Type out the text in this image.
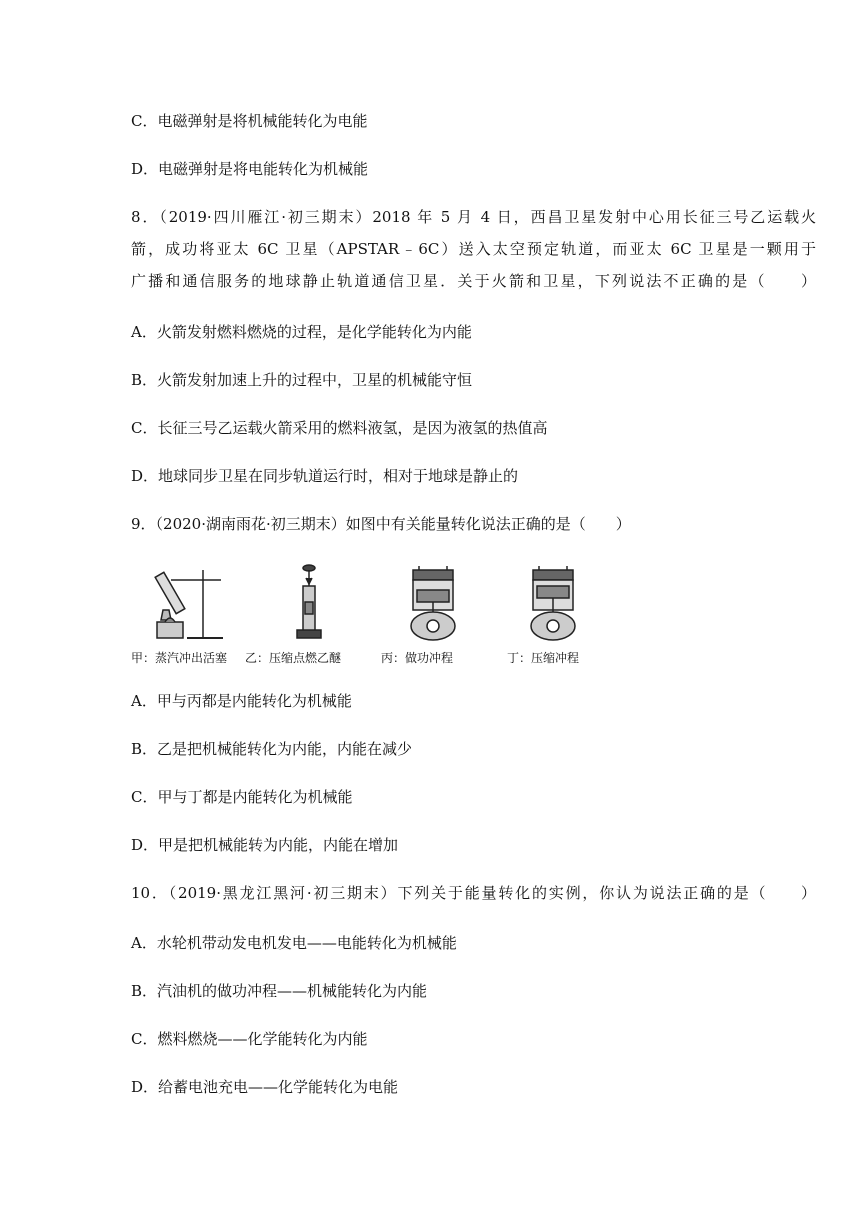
C．电磁弹射是将机械能转化为电能
D．电磁弹射是将电能转化为机械能
8．（2019·四川雁江·初三期末）2018 年 5 月 4 日，西昌卫星发射中心用长征三号乙运载火
箭，成功将亚太 6C 卫星（APSTAR﹣6C）送入太空预定轨道，而亚太 6C 卫星是一颗用于
广播和通信服务的地球静止轨道通信卫星．关于火箭和卫星，下列说法不正确的是（　　）
A．火箭发射燃料燃烧的过程，是化学能转化为内能
B．火箭发射加速上升的过程中，卫星的机械能守恒
C．长征三号乙运载火箭采用的燃料液氢，是因为液氢的热值高
D．地球同步卫星在同步轨道运行时，相对于地球是静止的
9．（2020·湖南雨花·初三期末）如图中有关能量转化说法正确的是（　　）
甲：蒸汽冲出活塞 乙：压缩点燃乙醚	丙：做功冲程	丁：压缩冲程
A．甲与丙都是内能转化为机械能
B．乙是把机械能转化为内能，内能在减少
C．甲与丁都是内能转化为机械能
D．甲是把机械能转为内能，内能在增加
10．（2019·黑龙江黑河·初三期末）下列关于能量转化的实例，你认为说法正确的是（　　）
A．水轮机带动发电机发电——电能转化为机械能
B．汽油机的做功冲程——机械能转化为内能
C．燃料燃烧——化学能转化为内能
D．给蓄电池充电——化学能转化为电能
